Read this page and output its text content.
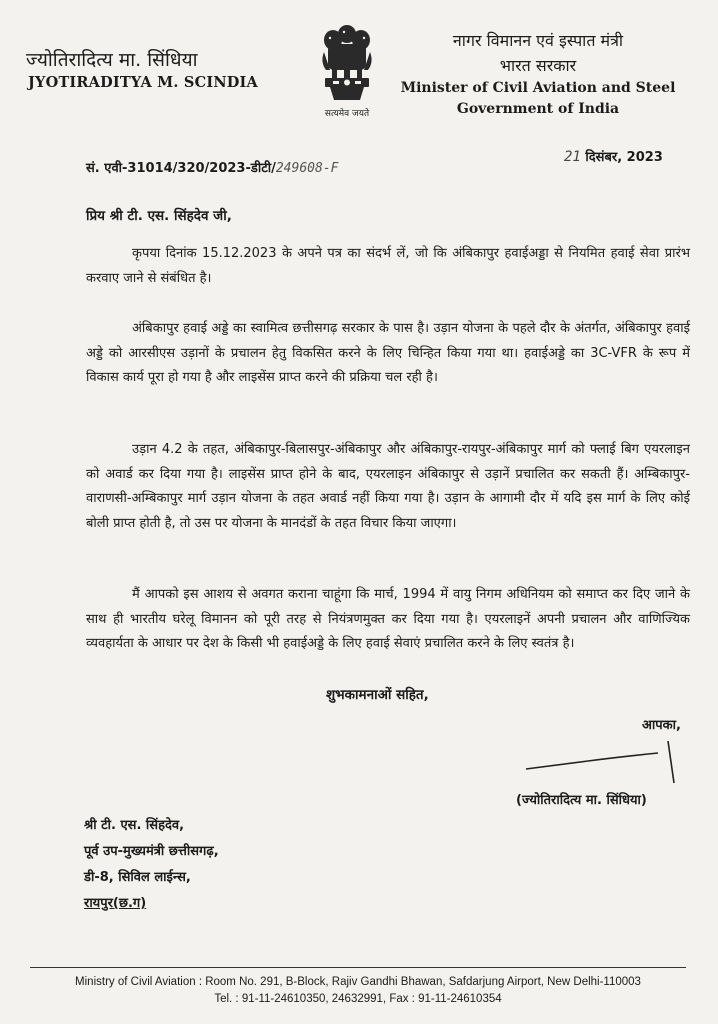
ज्योतिरादित्य मा. सिंधिया
JYOTIRADITYA M. SCINDIA
सत्यमेव जयते
नागर विमानन एवं इस्पात मंत्री
भारत सरकार
Minister of Civil Aviation and Steel
Government of India
सं. एवी-31014/320/2023-डीटी/249608-F
21 दिसंबर, 2023
प्रिय श्री टी. एस. सिंहदेव जी,

कृपया दिनांक 15.12.2023 के अपने पत्र का संदर्भ लें, जो कि अंबिकापुर हवाईअड्डा से नियमित हवाई सेवा प्रारंभ करवाए जाने से संबंधित है।

अंबिकापुर हवाई अड्डे का स्वामित्व छत्तीसगढ़ सरकार के पास है। उड़ान योजना के पहले दौर के अंतर्गत, अंबिकापुर हवाई अड्डे को आरसीएस उड़ानों के प्रचालन हेतु विकसित करने के लिए चिन्हित किया गया था। हवाईअड्डे का 3C-VFR के रूप में विकास कार्य पूरा हो गया है और लाइसेंस प्राप्त करने की प्रक्रिया चल रही है।

उड़ान 4.2 के तहत, अंबिकापुर-बिलासपुर-अंबिकापुर और अंबिकापुर-रायपुर-अंबिकापुर मार्ग को फ्लाई बिग एयरलाइन को अवार्ड कर दिया गया है। लाइसेंस प्राप्त होने के बाद, एयरलाइन अंबिकापुर से उड़ानें प्रचालित कर सकती हैं। अम्बिकापुर-वाराणसी-अम्बिकापुर मार्ग उड़ान योजना के तहत अवार्ड नहीं किया गया है। उड़ान के आगामी दौर में यदि इस मार्ग के लिए कोई बोली प्राप्त होती है, तो उस पर योजना के मानदंडों के तहत विचार किया जाएगा।

मैं आपको इस आशय से अवगत कराना चाहूंगा कि मार्च, 1994 में वायु निगम अधिनियम को समाप्त कर दिए जाने के साथ ही भारतीय घरेलू विमानन को पूरी तरह से नियंत्रणमुक्त कर दिया गया है। एयरलाइनें अपनी प्रचालन और वाणिज्यिक व्यवहार्यता के आधार पर देश के किसी भी हवाईअड्डे के लिए हवाई सेवाएं प्रचालित करने के लिए स्वतंत्र है।

शुभकामनाओं सहित,
आपका,
(ज्योतिरादित्य मा. सिंधिया)
श्री टी. एस. सिंहदेव,
पूर्व उप-मुख्यमंत्री छत्तीसगढ़,
डी-8, सिविल लाईन्स,
रायपुर(छ.ग)
Ministry of Civil Aviation : Room No. 291, B-Block, Rajiv Gandhi Bhawan, Safdarjung Airport, New Delhi-110003
Tel. : 91-11-24610350, 24632991, Fax : 91-11-24610354
